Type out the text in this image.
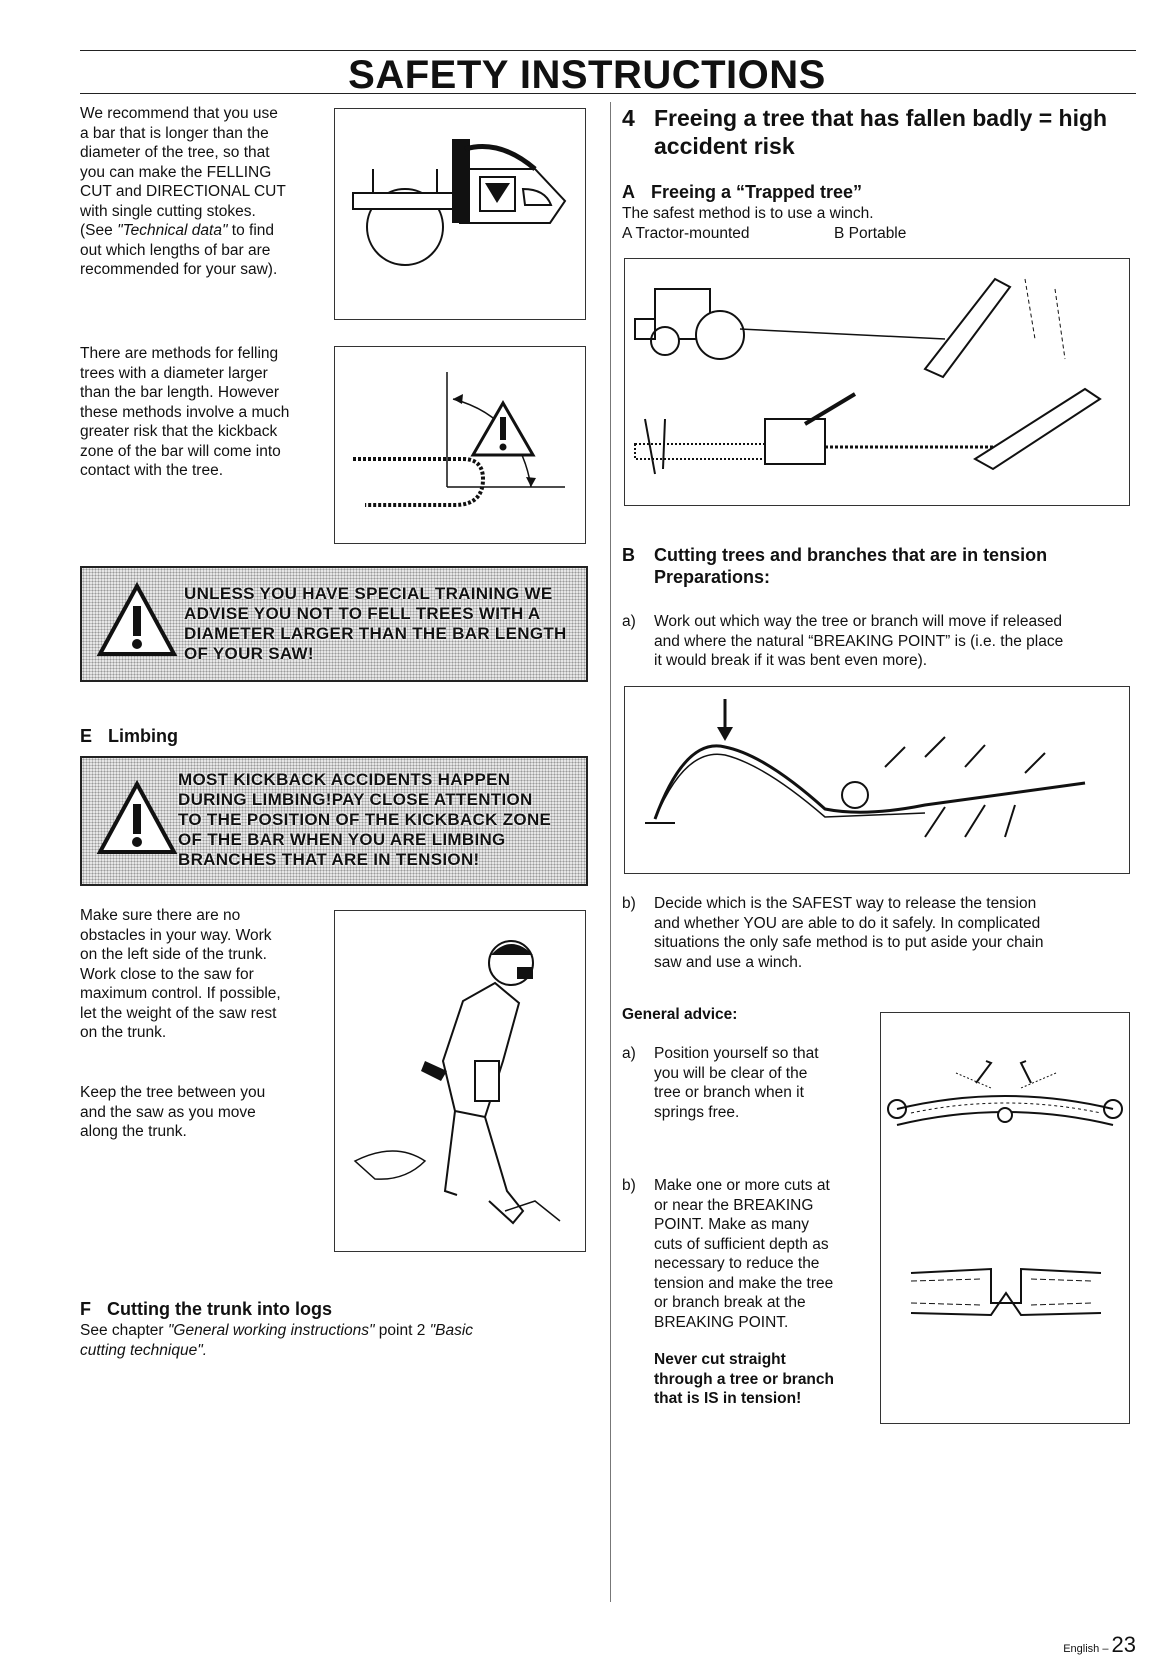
SAFETY INSTRUCTIONS
We recommend that you use
a bar that is longer than the
diameter of the tree, so that
you can make the FELLING
CUT and DIRECTIONAL CUT
with single cutting stokes.
(See "Technical data" to find
out which lengths of bar are
recommended for your saw).
There are methods for felling
trees with a diameter larger
than the bar length. However
these methods involve a much
greater risk that the kickback
zone of the bar will come into
contact with the tree.
UNLESS YOU HAVE SPECIAL TRAINING WE
ADVISE YOU NOT TO FELL TREES WITH A
DIAMETER LARGER THAN THE BAR LENGTH
OF YOUR SAW!
E Limbing
MOST KICKBACK ACCIDENTS HAPPEN
DURING LIMBING!PAY CLOSE ATTENTION
TO THE POSITION OF THE KICKBACK ZONE
OF THE BAR WHEN YOU ARE LIMBING
BRANCHES THAT ARE IN TENSION!
Make sure there are no
obstacles in your way. Work
on the left side of the trunk.
Work close to the saw for
maximum control. If possible,
let the weight of the saw rest
on the trunk.
Keep the tree between you
and the saw as you move
along the trunk.
F Cutting the trunk into logs
See chapter "General working instructions" point 2 "Basic
cutting technique".
4 Freeing a tree that has fallen badly = high
accident risk
A Freeing a “Trapped tree”
The safest method is to use a winch.
A Tractor-mounted	B Portable
B Cutting trees and branches that are in tension
Preparations:
a)	Work out which way the tree or branch will move if released
and where the natural “BREAKING POINT” is (i.e. the place
it would break if it was bent even more).
b)	Decide which is the SAFEST way to release the tension
and whether YOU are able to do it safely. In complicated
situations the only safe method is to put aside your chain
saw and use a winch.
General advice:
a)	Position yourself so that
you will be clear of the
tree or branch when it
springs free.
b)	Make one or more cuts at
or near the BREAKING
POINT. Make as many
cuts of sufficient depth as
necessary to reduce the
tension and make the tree
or branch break at the
BREAKING POINT.
Never cut straight
through a tree or branch
that is IS in tension!
English – 23
